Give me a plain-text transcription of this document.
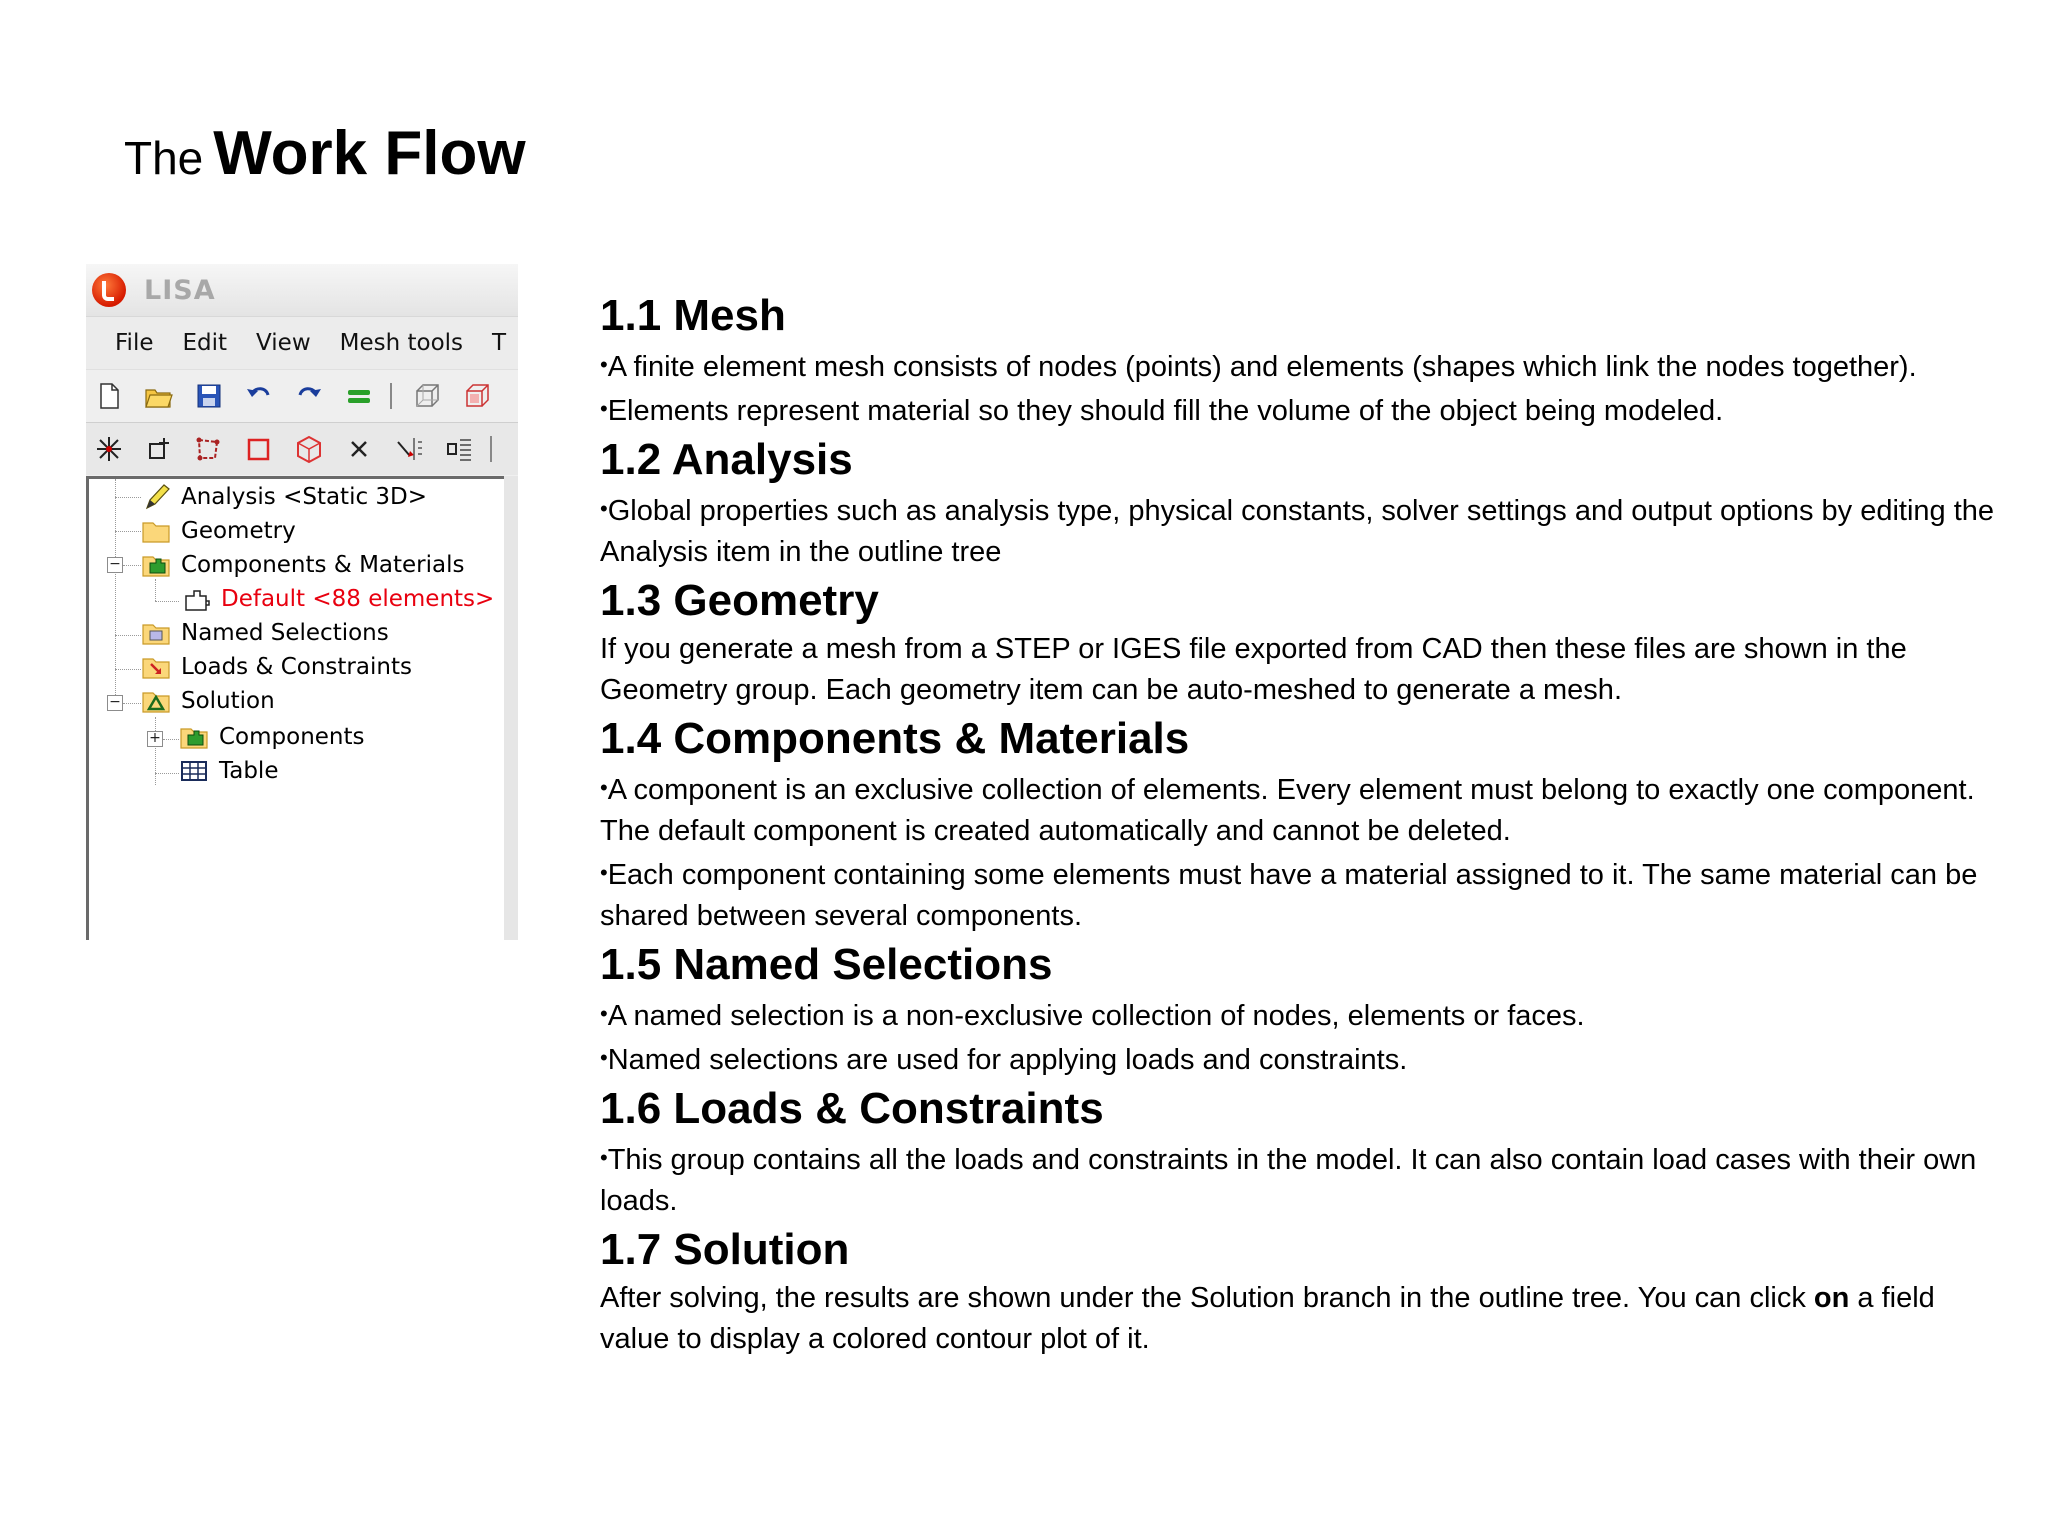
The Work Flow
LISA
File Edit View Mesh tools T
−
−
+
Analysis <Static 3D>
Geometry
Components & Materials
Default <88 elements>
Named Selections
Loads & Constraints
Solution
Components
Table
1.1 Mesh

• A finite element mesh consists of nodes (points) and elements (shapes which link the nodes together).

• Elements represent material so they should fill the volume of the object being modeled.

1.2 Analysis

• Global properties such as analysis type, physical constants, solver settings and output options by editing the Analysis item in the outline tree

1.3 Geometry

If you generate a mesh from a STEP or IGES file exported from CAD then these files are shown in the Geometry group. Each geometry item can be auto-meshed to generate a mesh.

1.4 Components & Materials

• A component is an exclusive collection of elements. Every element must belong to exactly one component. The default component is created automatically and cannot be deleted.

• Each component containing some elements must have a material assigned to it. The same material can be shared between several components.

1.5 Named Selections

• A named selection is a non-exclusive collection of nodes, elements or faces.

• Named selections are used for applying loads and constraints.

1.6 Loads & Constraints

• This group contains all the loads and constraints in the model. It can also contain load cases with their own loads.

1.7 Solution

After solving, the results are shown under the Solution branch in the outline tree. You can click on a field value to display a colored contour plot of it.
